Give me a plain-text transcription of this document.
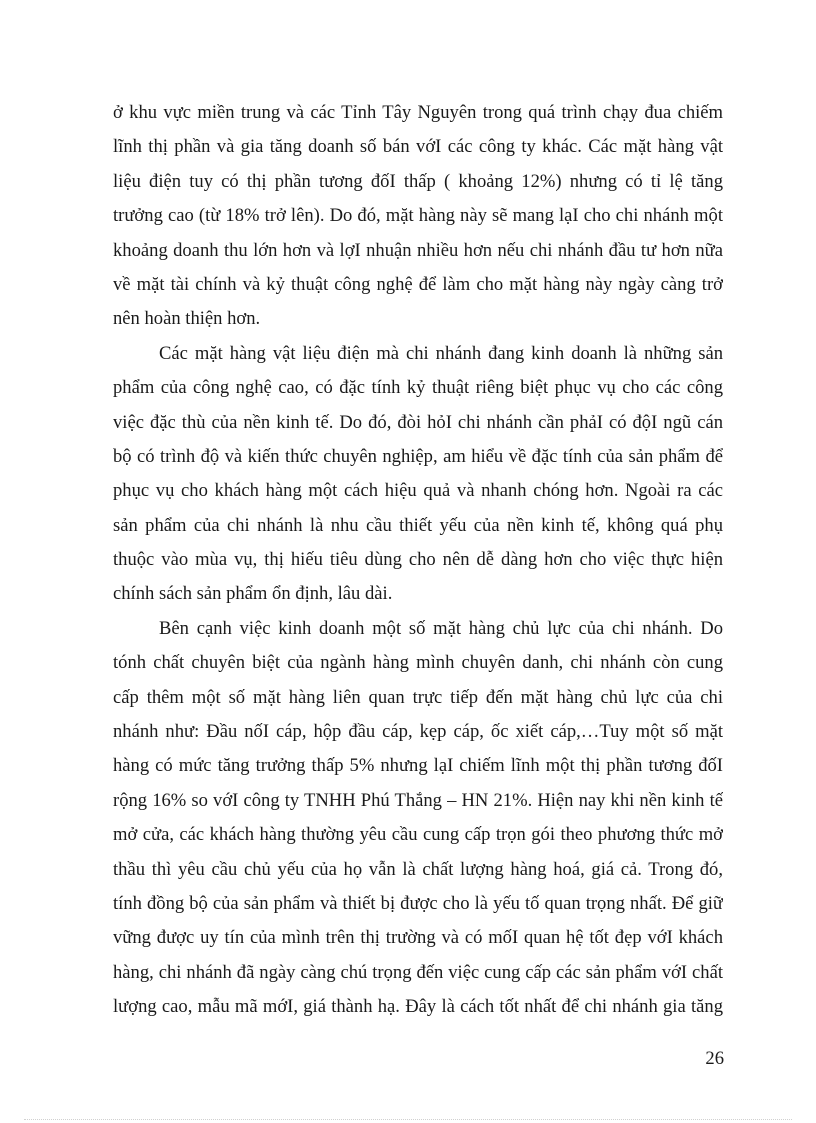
ở khu vực miền trung và các Tỉnh Tây Nguyên trong quá trình chạy đua chiếm
lĩnh thị phần và gia tăng doanh số bán vớI các công ty khác. Các mặt hàng vật
liệu điện tuy có thị phần tương đốI thấp ( khoảng 12%) nhưng có tỉ lệ tăng
trưởng cao (từ 18% trở lên). Do đó, mặt hàng này sẽ mang lạI cho chi nhánh một
khoảng doanh thu lớn hơn và lợI nhuận nhiều hơn nếu chi nhánh đầu tư hơn nữa
về mặt tài chính và kỷ thuật công nghệ để làm cho mặt hàng này ngày càng trở
nên hoàn thiện hơn.
Các mặt hàng vật liệu điện mà chi nhánh đang kinh doanh là những sản
phẩm của công nghệ cao, có đặc tính kỷ thuật riêng biệt phục vụ cho các công
việc đặc thù của nền kinh tế. Do đó, đòi hỏI chi nhánh cần phảI có độI ngũ cán
bộ có trình độ và kiến thức chuyên nghiệp, am hiểu về đặc tính của sản phẩm để
phục vụ cho khách hàng một cách hiệu quả và nhanh chóng hơn. Ngoài ra các
sản phẩm của chi nhánh là nhu cầu thiết yếu của nền kinh tế, không quá phụ
thuộc vào mùa vụ, thị hiếu tiêu dùng cho nên dễ dàng hơn cho việc thực hiện
chính sách sản phẩm ổn định, lâu dài.
Bên cạnh việc kinh doanh một số mặt hàng chủ lực của chi nhánh. Do
tónh chất chuyên biệt của ngành hàng mình chuyên danh, chi nhánh còn cung
cấp thêm một số mặt hàng liên quan trực tiếp đến mặt hàng chủ lực của chi
nhánh như: Đầu nốI cáp, hộp đầu cáp, kẹp cáp, ốc xiết cáp,…Tuy một số mặt
hàng có mức tăng trưởng thấp 5% nhưng lạI chiếm lĩnh một thị phần tương đốI
rộng 16% so vớI công ty TNHH Phú Thắng – HN 21%. Hiện nay khi nền kinh tế
mở cửa, các khách hàng thường yêu cầu cung cấp trọn gói theo phương thức mở
thầu thì yêu cầu chủ yếu của họ vẫn là chất lượng hàng hoá, giá cả. Trong đó,
tính đồng bộ của sản phẩm và thiết bị được cho là yếu tố quan trọng nhất. Để giữ
vững được uy tín của mình trên thị trường và có mốI quan hệ tốt đẹp vớI khách
hàng, chi nhánh đã ngày càng chú trọng đến việc cung cấp các sản phẩm vớI chất
lượng cao, mẫu mã mớI, giá thành hạ. Đây là cách tốt nhất để chi nhánh gia tăng
26
